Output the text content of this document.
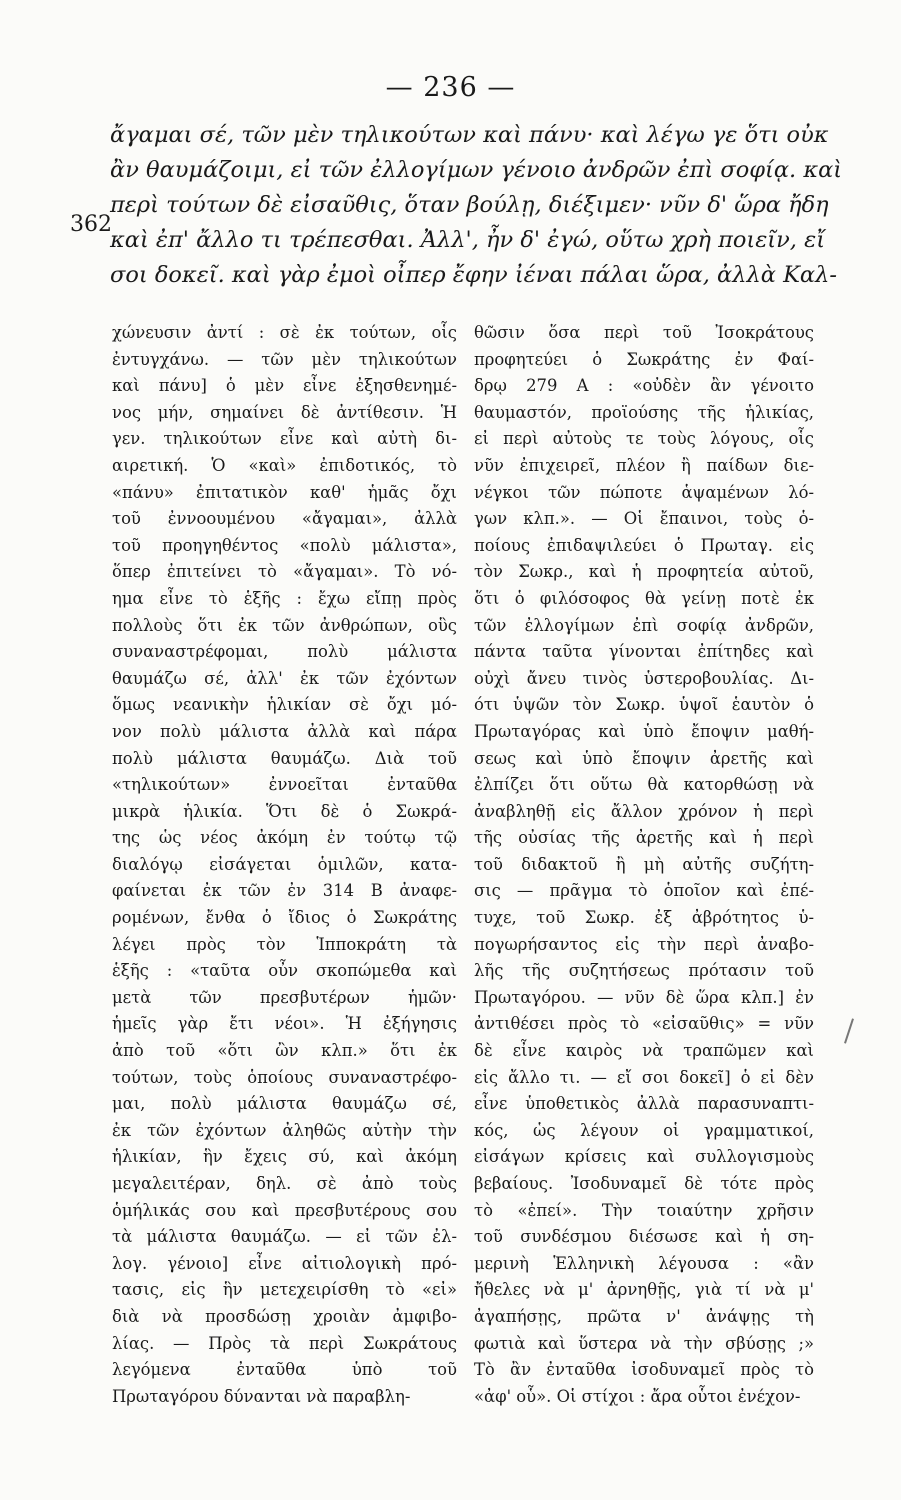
— 236 —
362
ἄγαμαι σέ, τῶν μὲν τηλικούτων καὶ πάνυ· καὶ λέγω γε ὅτι οὐκ
ἂν θαυμάζοιμι, εἰ τῶν ἐλλογίμων γένοιο ἀνδρῶν ἐπὶ σοφίᾳ. καὶ
περὶ τούτων δὲ εἰσαῦθις, ὅταν βούλῃ, διέξιμεν· νῦν δ' ὥρα ἤδη
καὶ ἐπ' ἄλλο τι τρέπεσθαι. Ἀλλ', ἦν δ' ἐγώ, οὕτω χρὴ ποιεῖν, εἴ
σοι δοκεῖ. καὶ γὰρ ἐμοὶ οἶπερ ἔφην ἰέναι πάλαι ὥρα, ἀλλὰ Καλ-
χώνευσιν ἀντί : σὲ ἐκ τούτων, οἷς
ἐντυγχάνω. — τῶν μὲν τηλικούτων
καὶ πάνυ] ὁ μὲν εἶνε ἐξησθενημέ-
νος μήν, σημαίνει δὲ ἀντίθεσιν. Ἡ
γεν. τηλικούτων εἶνε καὶ αὐτὴ δι-
αιρετική. Ὁ «καὶ» ἐπιδοτικός, τὸ
«πάνυ» ἐπιτατικὸν καθ' ἡμᾶς ὄχι
τοῦ ἐννοουμένου «ἄγαμαι», ἀλλὰ
τοῦ προηγηθέντος «πολὺ μάλιστα»,
ὅπερ ἐπιτείνει τὸ «ἄγαμαι». Τὸ νό-
ημα εἶνε τὸ ἑξῆς : ἔχω εἴπῃ πρὸς
πολλοὺς ὅτι ἐκ τῶν ἀνθρώπων, οὓς
συναναστρέφομαι, πολὺ μάλιστα
θαυμάζω σέ, ἀλλ' ἐκ τῶν ἐχόντων
ὅμως νεανικὴν ἡλικίαν σὲ ὄχι μό-
νον πολὺ μάλιστα ἀλλὰ καὶ πάρα
πολὺ μάλιστα θαυμάζω. Διὰ τοῦ
«τηλικούτων» ἐννοεῖται ἐνταῦθα
μικρὰ ἡλικία. Ὅτι δὲ ὁ Σωκρά-
της ὡς νέος ἀκόμη ἐν τούτῳ τῷ
διαλόγῳ εἰσάγεται ὁμιλῶν, κατα-
φαίνεται ἐκ τῶν ἐν 314 B ἀναφε-
ρομένων, ἔνθα ὁ ἴδιος ὁ Σωκράτης
λέγει πρὸς τὸν Ἱπποκράτη τὰ
ἑξῆς : «ταῦτα οὖν σκοπώμεθα καὶ
μετὰ τῶν πρεσβυτέρων ἡμῶν·
ἡμεῖς γὰρ ἔτι νέοι». Ἡ ἐξήγησις
ἀπὸ τοῦ «ὅτι ὢν κλπ.» ὅτι ἐκ
τούτων, τοὺς ὁποίους συναναστρέφο-
μαι, πολὺ μάλιστα θαυμάζω σέ,
ἐκ τῶν ἐχόντων ἀληθῶς αὐτὴν τὴν
ἡλικίαν, ἣν ἔχεις σύ, καὶ ἀκόμη
μεγαλειτέραν, δηλ. σὲ ἀπὸ τοὺς
ὁμήλικάς σου καὶ πρεσβυτέρους σου
τὰ μάλιστα θαυμάζω. — εἰ τῶν ἐλ-
λογ. γένοιο] εἶνε αἰτιολογικὴ πρό-
τασις, εἰς ἣν μετεχειρίσθη τὸ «εἰ»
διὰ νὰ προσδώσῃ χροιὰν ἀμφιβο-
λίας. — Πρὸς τὰ περὶ Σωκράτους
λεγόμενα ἐνταῦθα ὑπὸ τοῦ
Πρωταγόρου δύνανται νὰ παραβλη-
θῶσιν ὅσα περὶ τοῦ Ἰσοκράτους
προφητεύει ὁ Σωκράτης ἐν Φαί-
δρῳ 279 A : «οὐδὲν ἂν γένοιτο
θαυμαστόν, προϊούσης τῆς ἡλικίας,
εἰ περὶ αὐτοὺς τε τοὺς λόγους, οἷς
νῦν ἐπιχειρεῖ, πλέον ἢ παίδων διε-
νέγκοι τῶν πώποτε ἁψαμένων λό-
γων κλπ.». — Οἱ ἔπαινοι, τοὺς ὁ-
ποίους ἐπιδαψιλεύει ὁ Πρωταγ. εἰς
τὸν Σωκρ., καὶ ἡ προφητεία αὐτοῦ,
ὅτι ὁ φιλόσοφος θὰ γείνῃ ποτὲ ἐκ
τῶν ἐλλογίμων ἐπὶ σοφίᾳ ἀνδρῶν,
πάντα ταῦτα γίνονται ἐπίτηδες καὶ
οὐχὶ ἄνευ τινὸς ὑστεροβουλίας. Δι-
ότι ὑψῶν τὸν Σωκρ. ὑψοῖ ἑαυτὸν ὁ
Πρωταγόρας καὶ ὑπὸ ἔποψιν μαθή-
σεως καὶ ὑπὸ ἔποψιν ἀρετῆς καὶ
ἐλπίζει ὅτι οὕτω θὰ κατορθώσῃ νὰ
ἀναβληθῇ εἰς ἄλλον χρόνον ἡ περὶ
τῆς οὐσίας τῆς ἀρετῆς καὶ ἡ περὶ
τοῦ διδακτοῦ ἢ μὴ αὐτῆς συζήτη-
σις — πρᾶγμα τὸ ὁποῖον καὶ ἐπέ-
τυχε, τοῦ Σωκρ. ἐξ ἀβρότητος ὑ-
πογωρήσαντος εἰς τὴν περὶ ἀναβο-
λῆς τῆς συζητήσεως πρότασιν τοῦ
Πρωταγόρου. — νῦν δὲ ὥρα κλπ.] ἐν
ἀντιθέσει πρὸς τὸ «εἰσαῦθις» = νῦν
δὲ εἶνε καιρὸς νὰ τραπῶμεν καὶ
εἰς ἄλλο τι. — εἴ σοι δοκεῖ] ὁ εἰ δὲν
εἶνε ὑποθετικὸς ἀλλὰ παρασυναπτι-
κός, ὡς λέγουν οἱ γραμματικοί,
εἰσάγων κρίσεις καὶ συλλογισμοὺς
βεβαίους. Ἰσοδυναμεῖ δὲ τότε πρὸς
τὸ «ἐπεί». Τὴν τοιαύτην χρῆσιν
τοῦ συνδέσμου διέσωσε καὶ ἡ ση-
μερινὴ Ἑλληνικὴ λέγουσα : «ἂν
ἤθελες νὰ μ' ἀρνηθῇς, γιὰ τί νὰ μ'
ἀγαπήσῃς, πρῶτα ν' ἀνάψῃς τὴ
φωτιὰ καὶ ὕστερα νὰ τὴν σβύσῃς ;»
Τὸ ἂν ἐνταῦθα ἰσοδυναμεῖ πρὸς τὸ
«ἀφ' οὗ». Οἱ στίχοι : ἄρα οὗτοι ἐνέχον-
